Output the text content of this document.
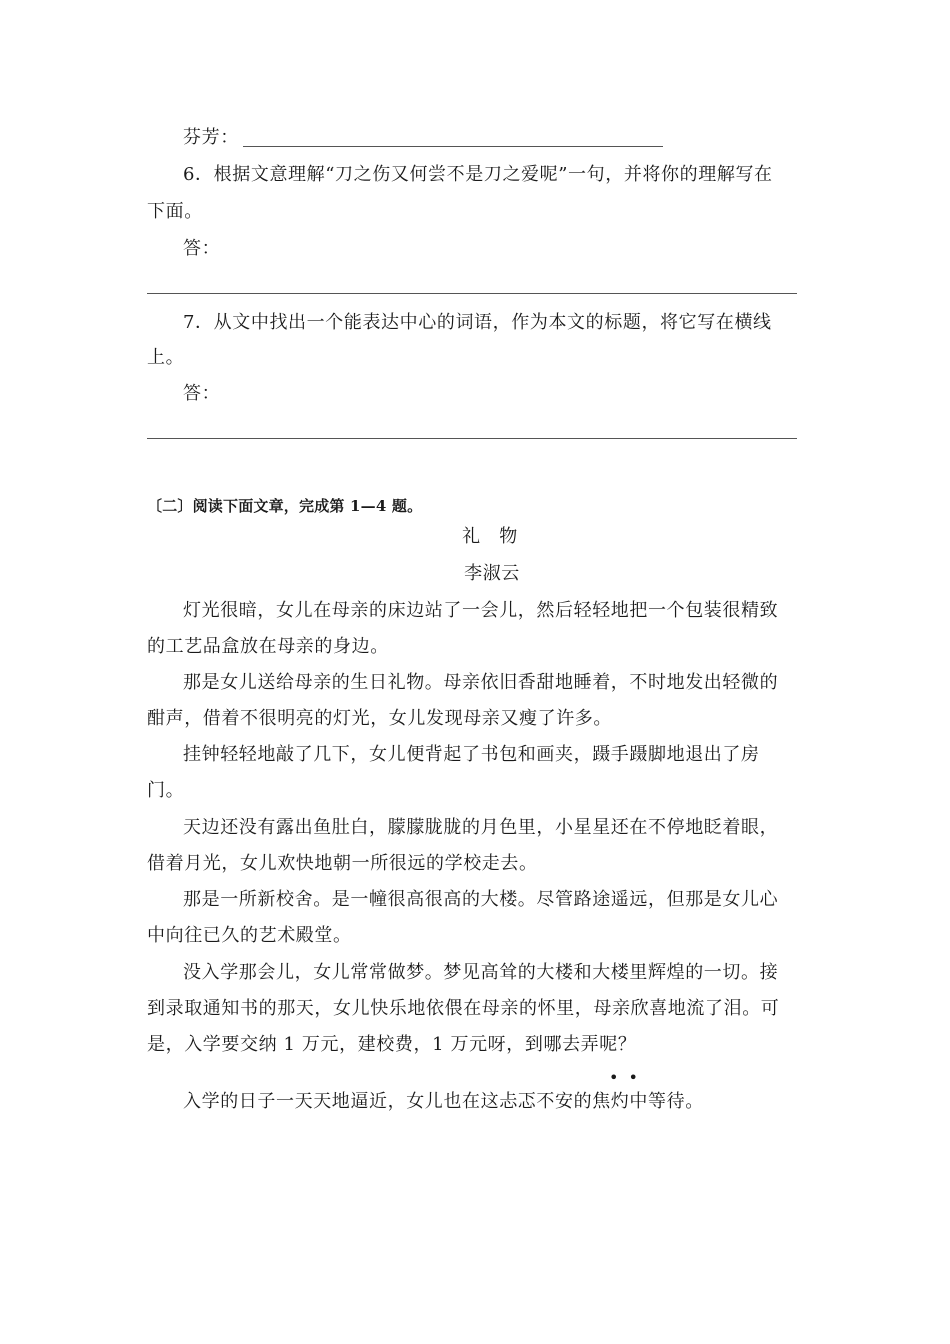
芬芳：
6．根据文意理解“刀之伤又何尝不是刀之爱呢”一句，并将你的理解写在
下面。
答：
7．从文中找出一个能表达中心的词语，作为本文的标题，将它写在横线
上。
答：
〔二〕阅读下面文章，完成第 1—4 题。
礼　物
李淑云
灯光很暗，女儿在母亲的床边站了一会儿，然后轻轻地把一个包装很精致
的工艺品盒放在母亲的身边。
那是女儿送给母亲的生日礼物。母亲依旧香甜地睡着，不时地发出轻微的
酣声，借着不很明亮的灯光，女儿发现母亲又瘦了许多。
挂钟轻轻地敲了几下，女儿便背起了书包和画夹，蹑手蹑脚地退出了房
门。
天边还没有露出鱼肚白，朦朦胧胧的月色里，小星星还在不停地眨着眼，
借着月光，女儿欢快地朝一所很远的学校走去。
那是一所新校舍。是一幢很高很高的大楼。尽管路途遥远，但那是女儿心
中向往已久的艺术殿堂。
没入学那会儿，女儿常常做梦。梦见高耸的大楼和大楼里辉煌的一切。接
到录取通知书的那天，女儿快乐地依偎在母亲的怀里，母亲欣喜地流了泪。可
是，入学要交纳 1 万元，建校费，1 万元呀，到哪去弄呢？
••
入学的日子一天天地逼近，女儿也在这忐忑不安的焦灼中等待。
